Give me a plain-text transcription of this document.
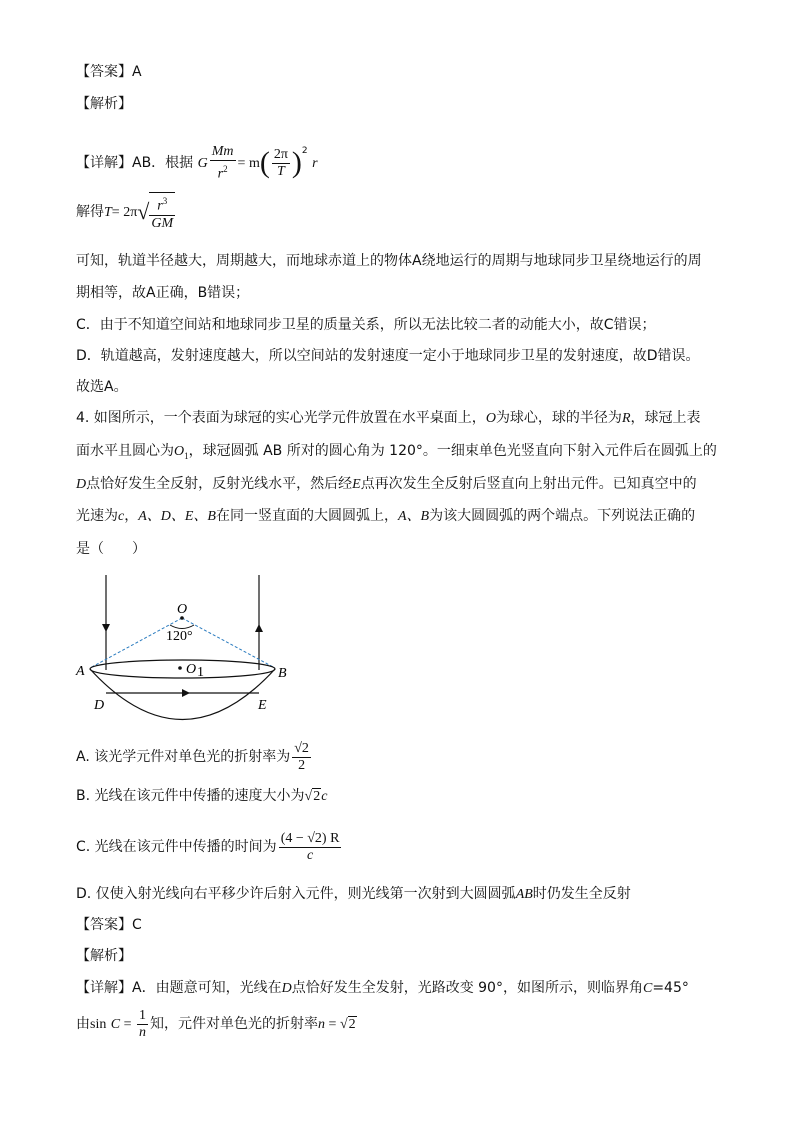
【答案】A
【解析】
【详解】AB．根据 G $\frac{Mm}{r^2} = m( \frac{2\pi}{T} )^2$ r
解得$T= 2\pi√ \frac{r^3}{GM}$
可知，轨道半径越大，周期越大，而地球赤道上的物体A绕地运行的周期与地球同步卫星绕地运行的周
期相等，故A正确，B错误；
C．由于不知道空间站和地球同步卫星的质量关系，所以无法比较二者的动能大小，故C错误；
D．轨道越高，发射速度越大，所以空间站的发射速度一定小于地球同步卫星的发射速度，故D错误。
故选A。
4. 如图所示，一个表面为球冠的实心光学元件放置在水平桌面上，O为球心，球的半径为R，球冠上表
面水平且圆心为$O_1$，球冠圆弧 AB 所对的圆心角为 120°。一细束单色光竖直向下射入元件后在圆弧上的
D点恰好发生全反射，反射光线水平，然后经E点再次发生全反射后竖直向上射出元件。已知真空中的
光速为c，A、D、E、B在同一竖直面的大圆圆弧上，A、B为该大圆圆弧的两个端点。下列说法正确的
是（　　）
O
120°
A	B
O 1
D	E
A. 该光学元件对单色光的折射率为 $\frac{√2}{2}$
B. 光线在该元件中传播的速度大小为√2c
C. 光线在该元件中传播的时间为 $\frac{(4 - √2) R}{c}$
D. 仅使入射光线向右平移少许后射入元件，则光线第一次射到大圆圆弧AB时仍发生全反射
【答案】C
【解析】
【详解】A．由题意可知，光线在D点恰好发生全发射，光路改变 90°，如图所示，则临界角C=45°
由$\sin C = \frac{1}{n}$ 知，元件对单色光的折射率n = √2
